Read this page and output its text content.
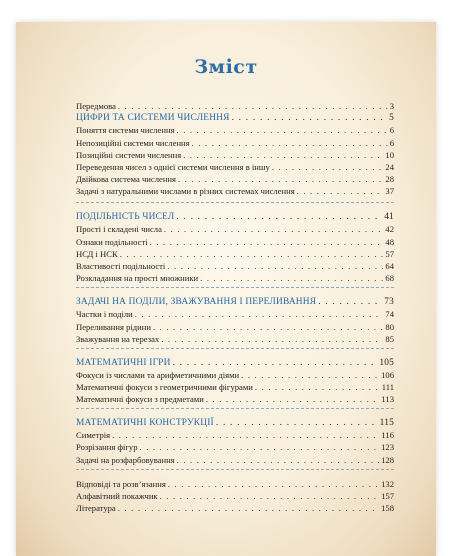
Зміст
Передмова . . .	3
ЦИФРИ ТА СИСТЕМИ ЧИСЛЕННЯ . . .	5
Поняття системи числення . . .	6
Непозиційні системи числення . . .	6
Позиційні системи числення . . .	10
Переведення чисел з однієї системи числення в іншу . . .	24
Двійкова система числення . . .	28
Задачі з натуральними числами в різних системах числення . . .	37
ПОДІЛЬНІСТЬ ЧИСЕЛ . . .	41
Прості і складені числа . . .	42
Ознаки подільності . . .	48
НСД і НСК . . .	57
Властивості подільності . . .	64
Розкладання на прості множники . . .	68
ЗАДАЧІ НА ПОДІЛИ, ЗВАЖУВАННЯ І ПЕРЕЛИВАННЯ . . .	73
Частки і поділи . . .	74
Переливання рідини . . .	80
Зважування на терезах . . .	85
МАТЕМАТИЧНІ ІГРИ . . .	105
Фокуси із числами та арифметичними діями . . .	106
Математичні фокуси з геометричними фігурами . . .	111
Математичні фокуси з предметами . . .	113
МАТЕМАТИЧНІ КОНСТРУКЦІЇ . . .	115
Симетрія . . .	116
Розрізання фігур . . .	123
Задачі на розфарбовування . . .	128
Відповіді та розв’язання . . .	132
Алфавітний покажчик . . .	157
Література . . .	158
